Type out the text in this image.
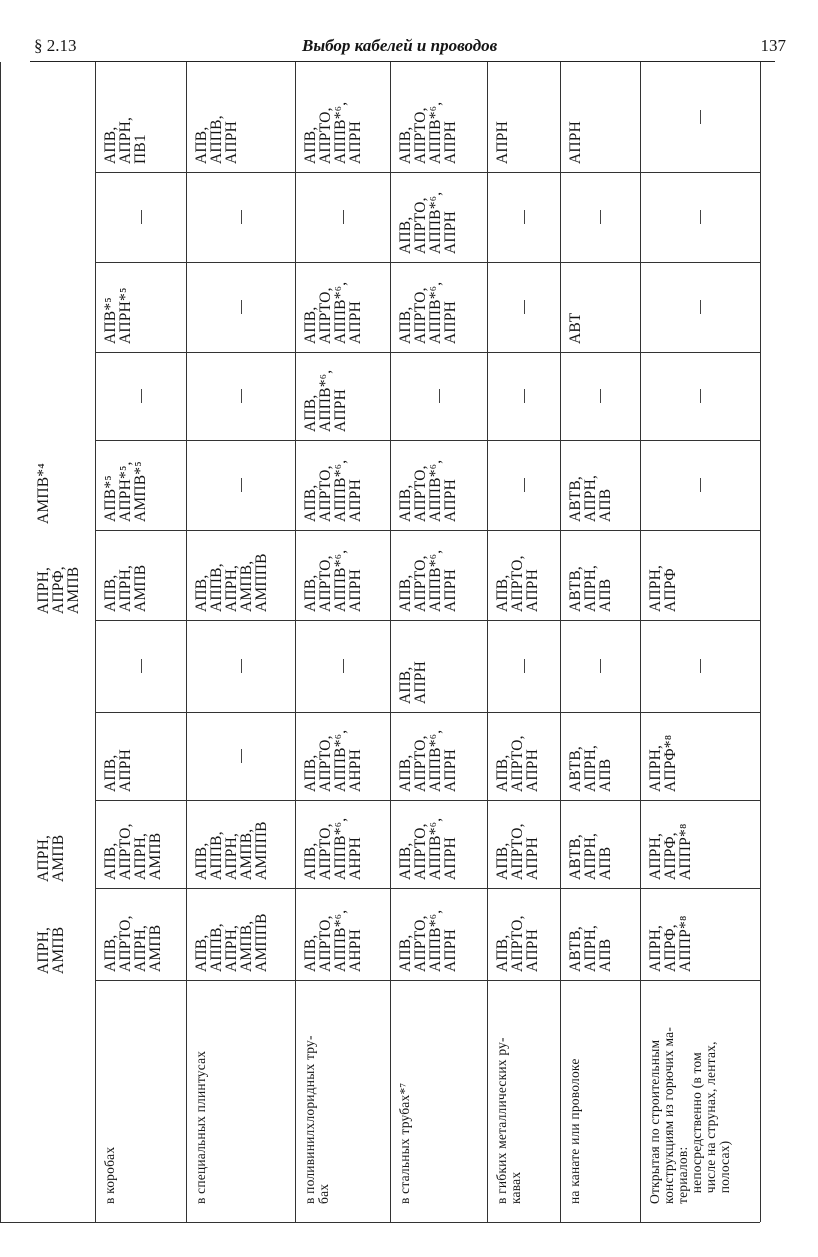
§ 2.13	Выбор кабелей и проводов	137
АПРН,
АМПВ
АПРН,
АМПВ
АПРН,
АПРФ,
АМПВ
АМПВ*⁴
в коробах
АПВ,
АПРН,
ПВ1
АПВ*⁵
АПРН*⁵
АПВ*⁵
АПРН*⁵,
АМПВ*⁵
АПВ,
АПРН,
АМПВ
АПВ,
АПРН
АПВ,
АПРТО,
АПРН,
АМПВ
АПВ,
АПРТО,
АПРН,
АМПВ
в специальных плинтусах
АПВ,
АППВ,
АПРН
АПВ,
АППВ,
АПРН,
АМПВ,
АМППВ
АПВ,
АППВ,
АПРН,
АМПВ,
АМППВ
АПВ,
АППВ,
АПРН,
АМПВ,
АМППВ
в поливинилхлоридных тру-
бах
АПВ,
АПРТО,
АППВ*⁶,
АПРН
АПВ,
АПРТО,
АППВ*⁶,
АПРН
АПВ,
АППВ*⁶,
АПРН
АПВ,
АПРТО,
АППВ*⁶,
АПРН
АПВ,
АПРТО,
АППВ*⁶,
АПРН
АПВ,
АПРТО,
АППВ*⁶,
АНРН
АПВ,
АПРТО,
АППВ*⁶,
АНРН
АПВ,
АПРТО,
АППВ*⁶,
АНРН
в стальных трубах*⁷
АПВ,
АПРТО,
АППВ*⁶,
АПРН
АПВ,
АПРТО,
АППВ*⁶,
АПРН
АПВ,
АПРТО,
АППВ*⁶,
АПРН
АПВ,
АПРТО,
АППВ*⁶,
АПРН
АПВ,
АПРТО,
АППВ*⁶,
АПРН
АПВ,
АПРН
АПВ,
АПРТО,
АППВ*⁶,
АПРН
АПВ,
АПРТО,
АППВ*⁶,
АПРН
АПВ,
АПРТО,
АППВ*⁶,
АПРН
в гибких металлических ру-
кавах
АПРН
АПВ,
АПРТО,
АПРН
АПВ,
АПРТО,
АПРН
АПВ,
АПРТО,
АПРН
АПВ,
АПРТО,
АПРН
на канате или проволоке
АПРН
АВТ
АВТВ,
АПРН,
АПВ
АВТВ,
АПРН,
АПВ
АВТВ,
АПРН,
АПВ
АВТВ,
АПРН,
АПВ
АВТВ,
АПРН,
АПВ
Открытая по строительным
конструкциям из горючих ма-
териалов:
непосредственно (в том
числе на струнах, лентах,
полосах)
АПРН,
АПРФ
АПРН,
АПРФ*⁸
АПРН,
АПРФ,
АППР*⁸
АПРН,
АПРФ,
АППР*⁸
